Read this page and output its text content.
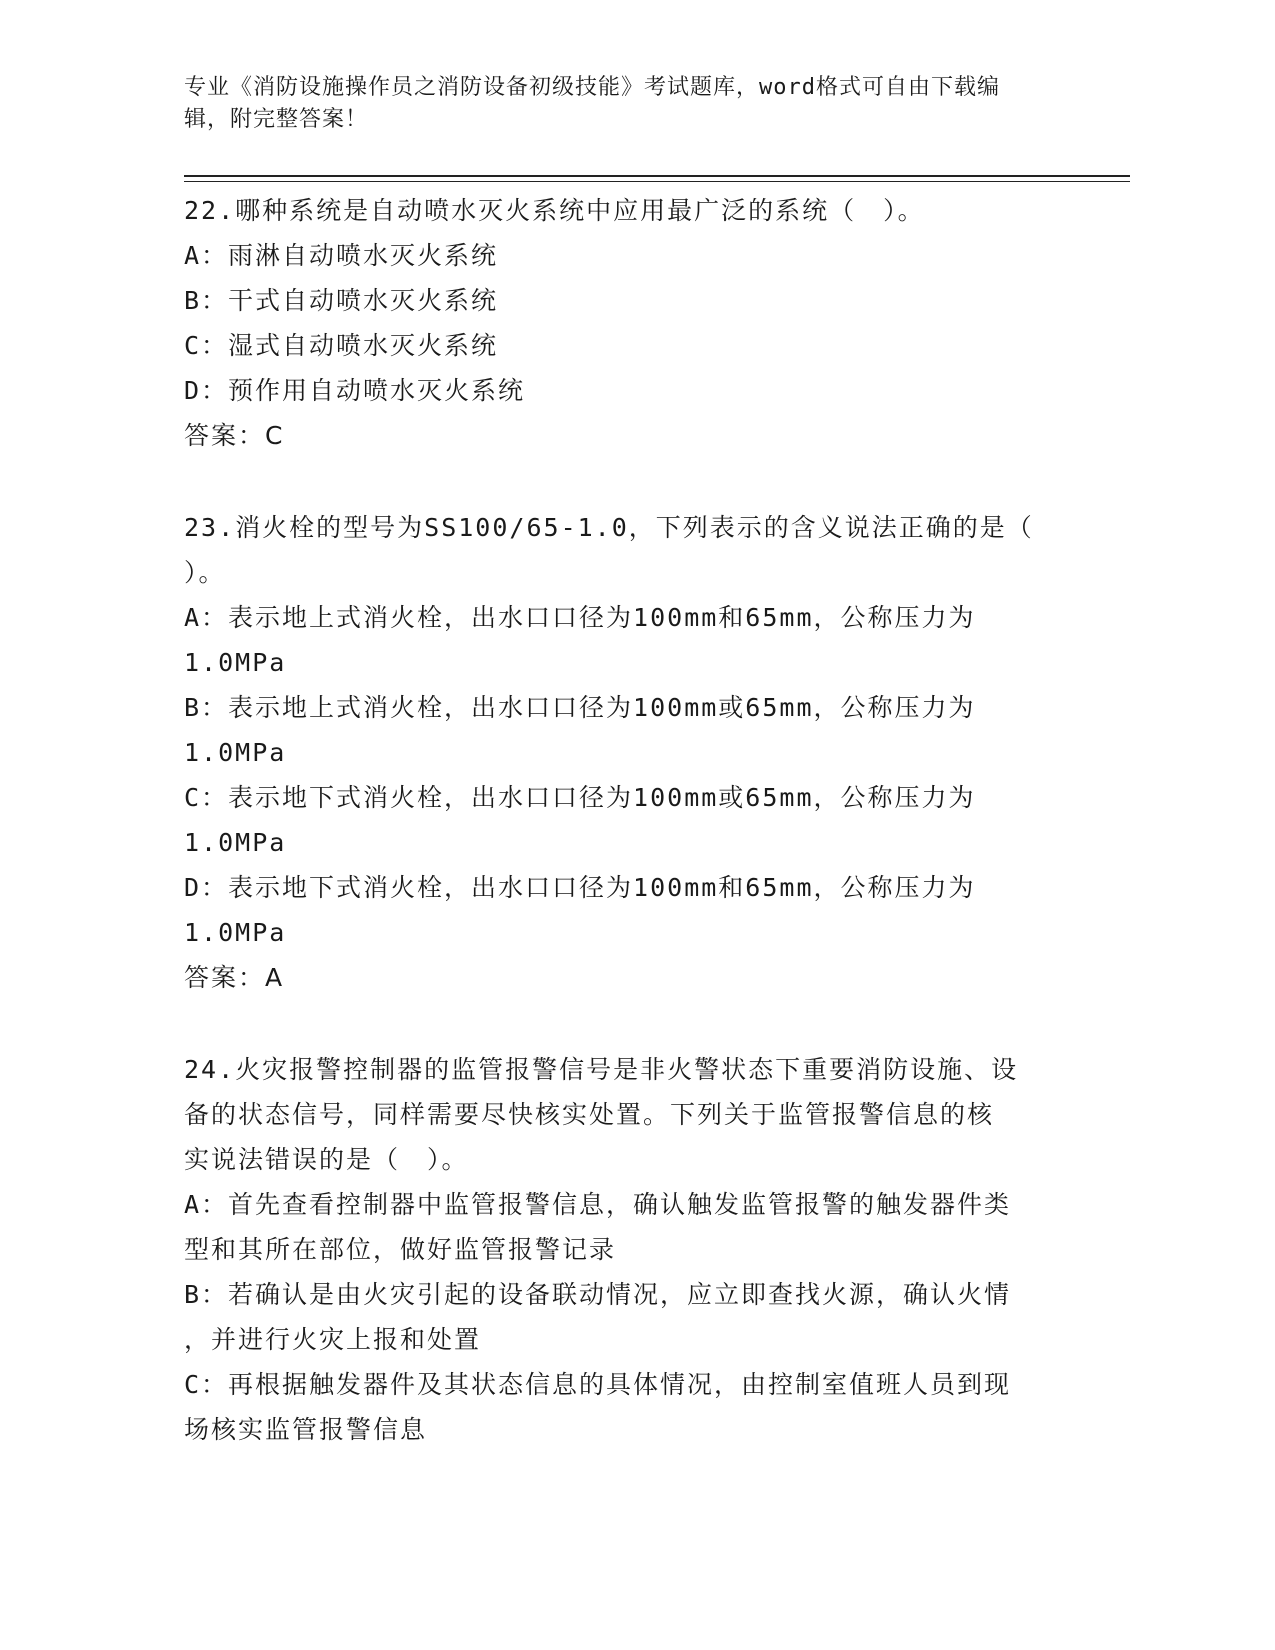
专业《消防设施操作员之消防设备初级技能》考试题库，word格式可自由下载编
辑，附完整答案！
22.哪种系统是自动喷水灭火系统中应用最广泛的系统（　）。
A：雨淋自动喷水灭火系统
B：干式自动喷水灭火系统
C：湿式自动喷水灭火系统
D：预作用自动喷水灭火系统
答案：C
23.消火栓的型号为SS100/65-1.0，下列表示的含义说法正确的是（
）。
A：表示地上式消火栓，出水口口径为100mm和65mm，公称压力为
1.0MPa
B：表示地上式消火栓，出水口口径为100mm或65mm，公称压力为
1.0MPa
C：表示地下式消火栓，出水口口径为100mm或65mm，公称压力为
1.0MPa
D：表示地下式消火栓，出水口口径为100mm和65mm，公称压力为
1.0MPa
答案：A
24.火灾报警控制器的监管报警信号是非火警状态下重要消防设施、设
备的状态信号，同样需要尽快核实处置。下列关于监管报警信息的核
实说法错误的是（　）。
A：首先查看控制器中监管报警信息，确认触发监管报警的触发器件类
型和其所在部位，做好监管报警记录
B：若确认是由火灾引起的设备联动情况，应立即查找火源，确认火情
，并进行火灾上报和处置
C：再根据触发器件及其状态信息的具体情况，由控制室值班人员到现
场核实监管报警信息
